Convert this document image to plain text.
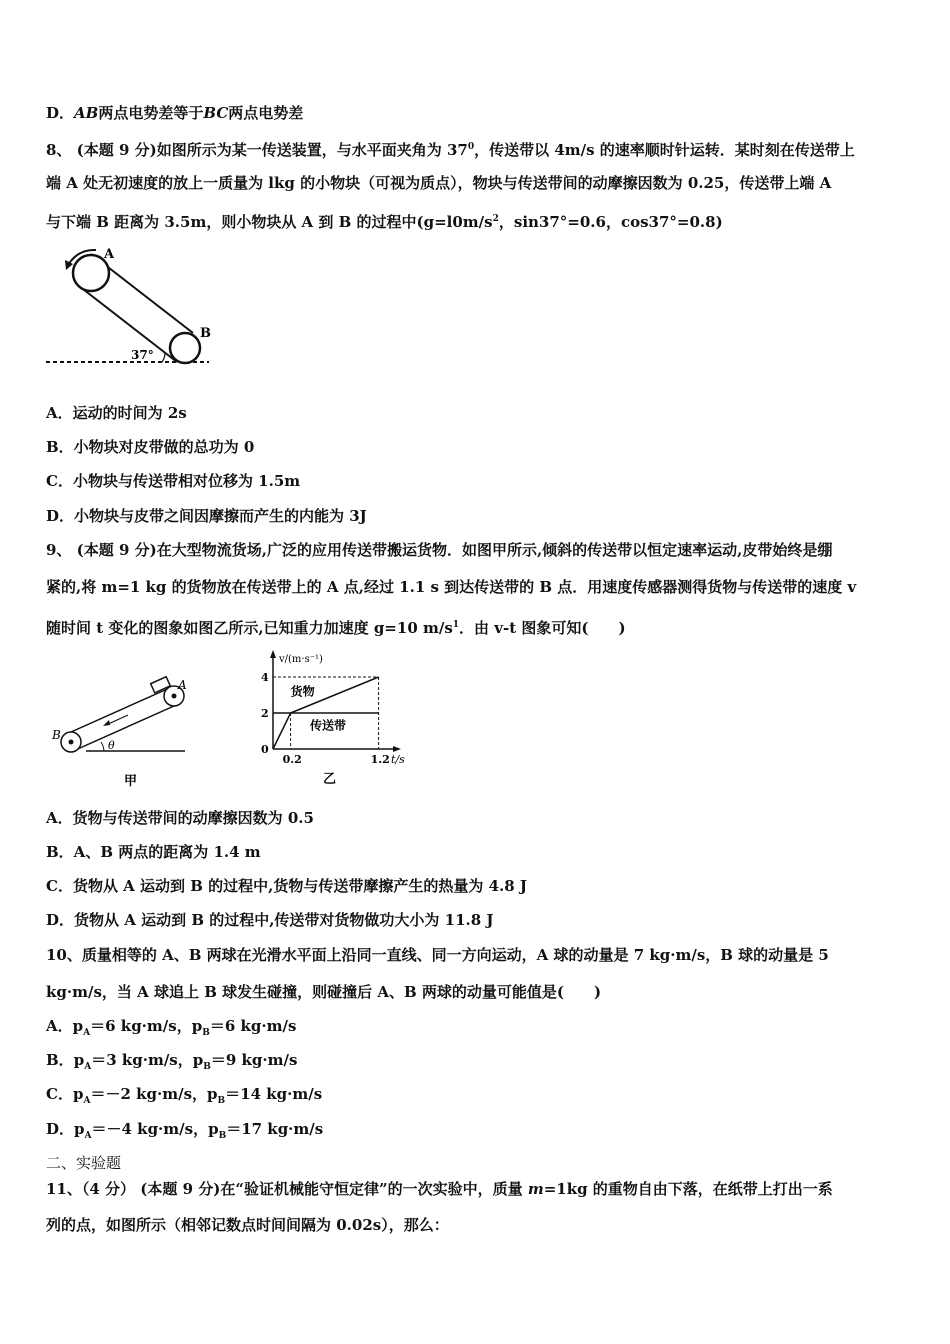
D．AB两点电势差等于BC两点电势差
8、 (本题 9 分)如图所示为某一传送装置，与水平面夹角为 $37^0$，传送带以 4m/s 的速率顺时针运转．某时刻在传送带上
端 A 处无初速度的放上一质量为 lkg 的小物块（可视为质点），物块与传送带间的动摩擦因数为 0.25，传送带上端 A
与下端 B 距离为 3.5m，则小物块从 A 到 B 的过程中($g=l0m/s^2$，sin37°=0.6，cos37°=0.8)
A
B
37°
A．运动的时间为 2s
B．小物块对皮带做的总功为 0
C．小物块与传送带相对位移为 1.5m
D．小物块与皮带之间因摩擦而产生的内能为 3J
9、 (本题 9 分)在大型物流货场,广泛的应用传送带搬运货物．如图甲所示,倾斜的传送带以恒定速率运动,皮带始终是绷
紧的,将 m=1 kg 的货物放在传送带上的 A 点,经过 1.1 s 到达传送带的 B 点．用速度传感器测得货物与传送带的速度 v
随时间 t 变化的图象如图乙所示,已知重力加速度 g=10 $m/s^1$．由 v-t 图象可知(　　)
A
B
θ
甲
货物
传送带
2
4
0.2	1.2
0
t/s
v/(m·s⁻¹)
乙
A．货物与传送带间的动摩擦因数为 0.5
B．A、B 两点的距离为 1.4 m
C．货物从 A 运动到 B 的过程中,货物与传送带摩擦产生的热量为 4.8 J
D．货物从 A 运动到 B 的过程中,传送带对货物做功大小为 11.8 J
10、质量相等的 A、B 两球在光滑水平面上沿同一直线、同一方向运动，A 球的动量是 7 kg·m/s，B 球的动量是 5
kg·m/s，当 A 球追上 B 球发生碰撞，则碰撞后 A、B 两球的动量可能值是(　　)
A．$p_A=6$ kg·m/s，$p_B=6$ kg·m/s
B．$p_A=3$ kg·m/s，$p_B=9$ kg·m/s
C．$p_A=-2$ kg·m/s，$p_B=14$ kg·m/s
D．$p_A=-4$ kg·m/s，$p_B=17$ kg·m/s
二、实验题
11、（4 分） (本题 9 分)在“验证机械能守恒定律”的一次实验中，质量 m=1kg 的重物自由下落，在纸带上打出一系
列的点，如图所示（相邻记数点时间间隔为 0.02s），那么：
